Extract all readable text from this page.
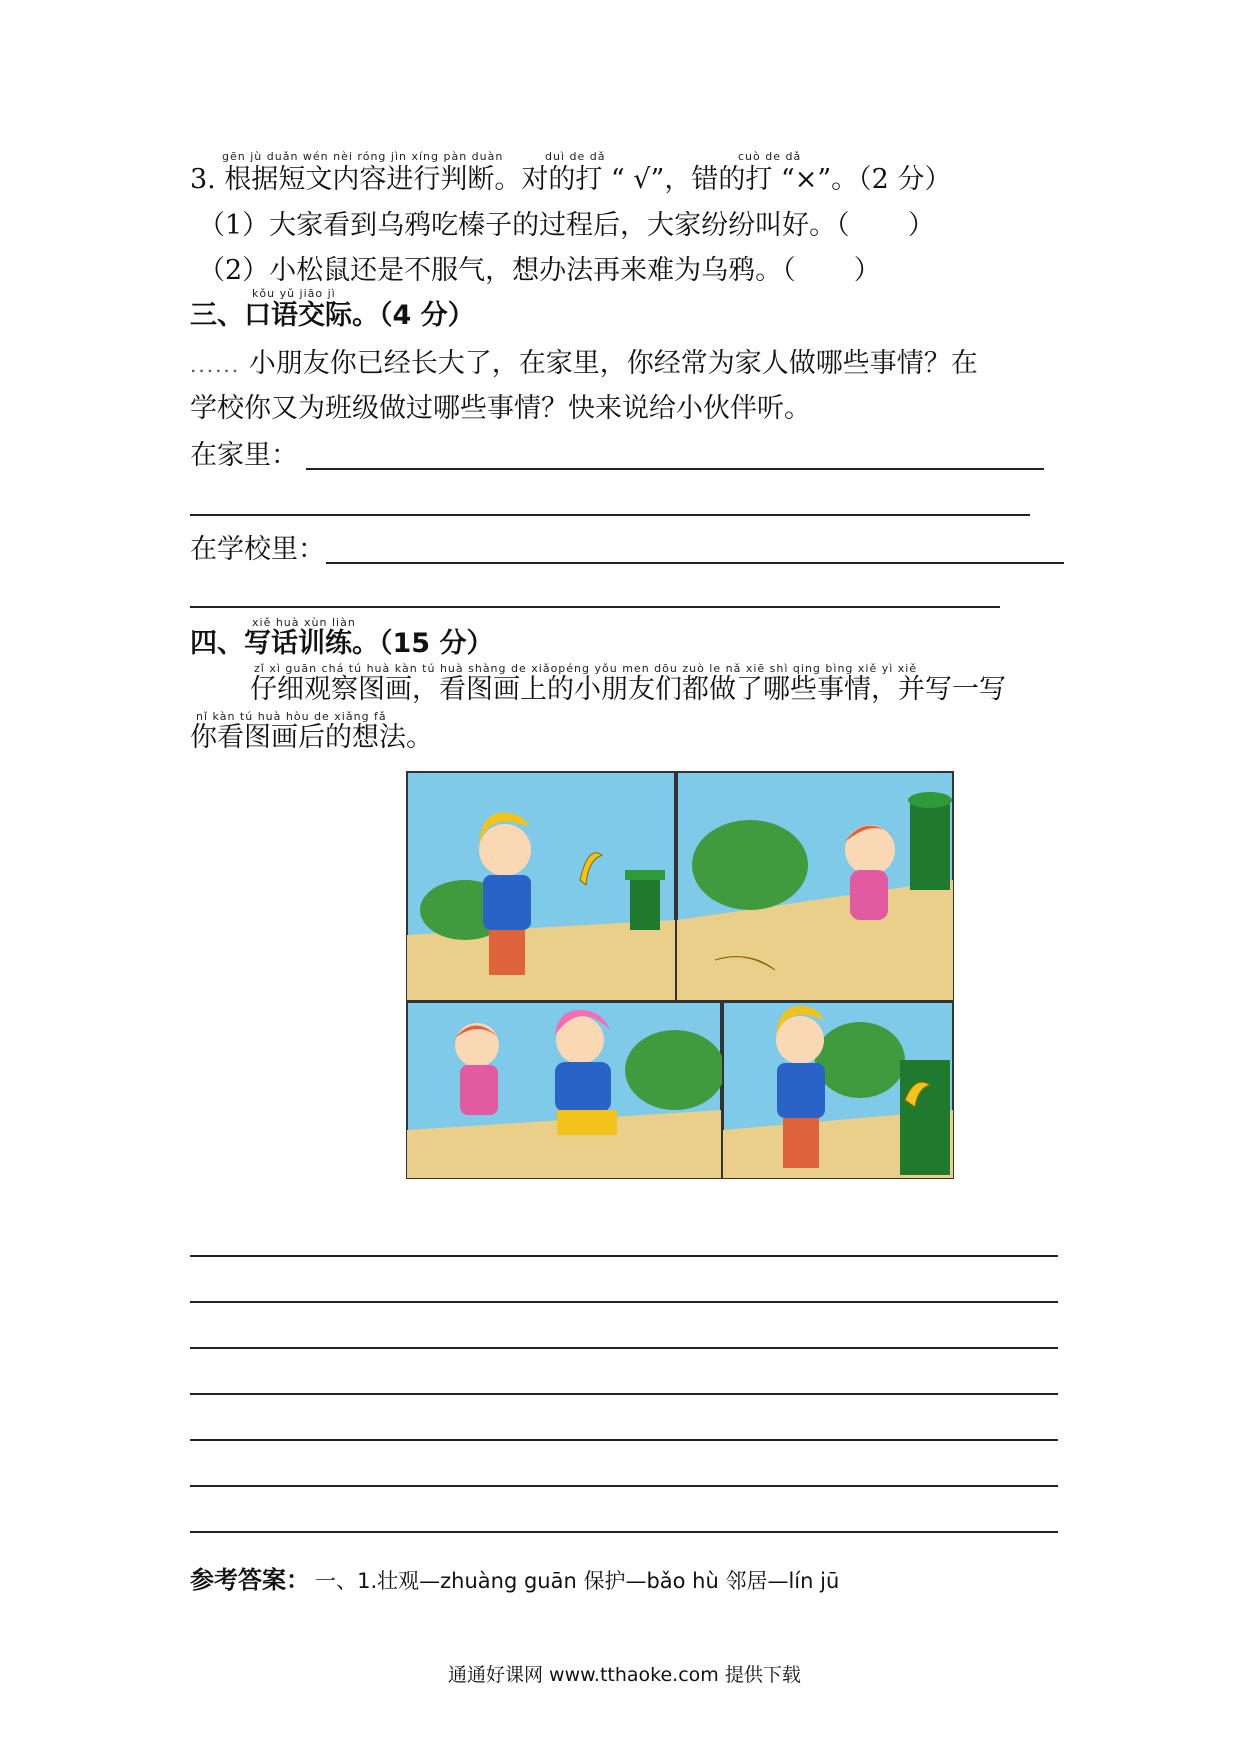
gēn jù duǎn wén nèi róng jìn xíng pàn duàn	duì de dǎ	cuò de dǎ
3. 根据短文内容进行判断。对的打 “ √”，错的打 “×”。（2 分）
（1）大家看到乌鸦吃榛子的过程后，大家纷纷叫好。（ ）
（2）小松鼠还是不服气，想办法再来难为乌鸦。（ ）
kǒu yǔ jiāo jì
三、口语交际。（4 分）
...... 小朋友你已经长大了，在家里，你经常为家人做哪些事情？在
学校你又为班级做过哪些事情？快来说给小伙伴听。
在家里：
在学校里：
xiě huà xùn liàn
四、写话训练。（15 分）
zǐ xì guān chá tú huà kàn tú huà shàng de xiǎopéng yǒu men dōu zuò le nǎ xiē shì qing bìng xiě yì xiě
仔细观察图画，看图画上的小朋友们都做了哪些事情，并写一写
nǐ kàn tú huà hòu de xiǎng fǎ
你看图画后的想法。
参考答案： 一、1.壮观—zhuàng guān 保护—bǎo hù 邻居—lín jū
通通好课网 www.tthaoke.com 提供下载
